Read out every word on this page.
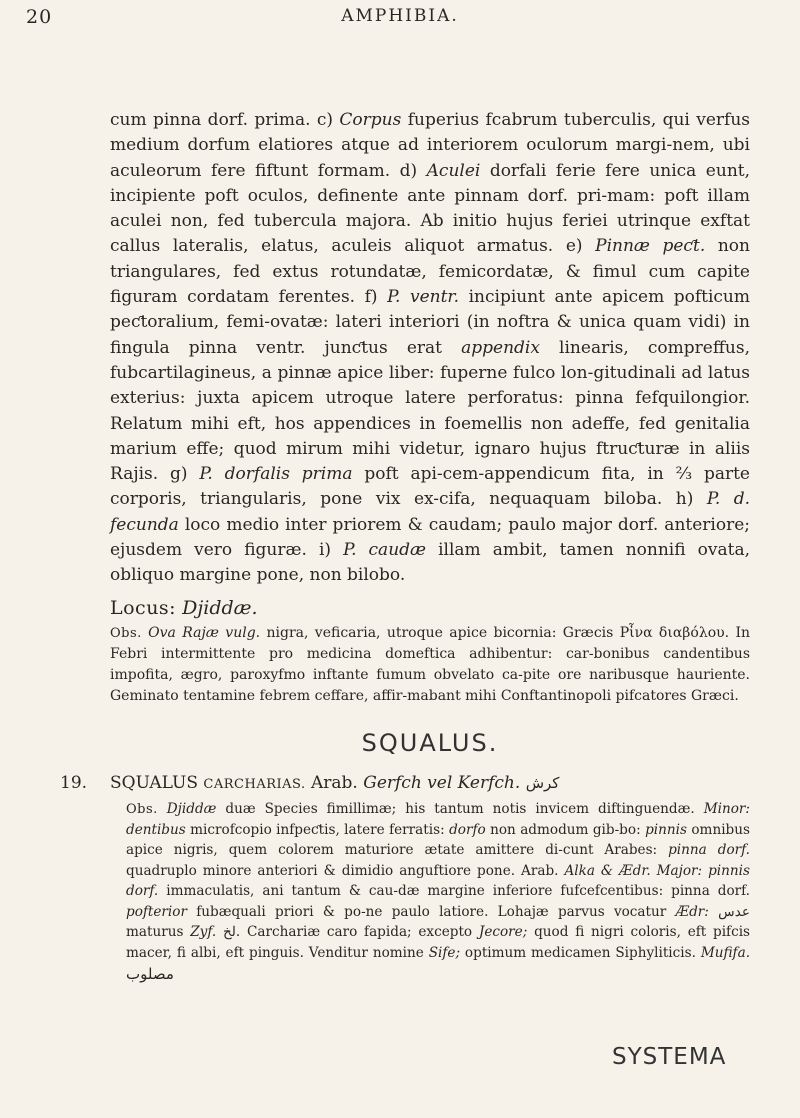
20	AMPHIBIA.

cum pinna dorf. prima. c) Corpus fuperius fcabrum tuberculis, qui verfus medium dorfum elatiores atque ad interiorem oculorum margi-nem, ubi aculeorum fere fiftunt formam. d) Aculei dorfali ferie fere unica eunt, incipiente poft oculos, definente ante pinnam dorf. pri-mam: poft illam aculei non, fed tubercula majora. Ab initio hujus feriei utrinque exftat callus lateralis, elatus, aculeis aliquot armatus. e) Pinnæ peƈt. non triangulares, fed extus rotundatæ, femicordatæ, & fimul cum capite figuram cordatam ferentes. f) P. ventr. incipiunt ante apicem pofticum peƈtoralium, femi-ovatæ: lateri interiori (in noftra & unica quam vidi) in fingula pinna ventr. junƈtus erat appendix linearis, compreffus, fubcartilagineus, a pinnæ apice liber: fuperne fulco lon-gitudinali ad latus exterius: juxta apicem utroque latere perforatus: pinna fefquilongior. Relatum mihi eft, hos appendices in foemellis non adeffe, fed genitalia marium effe; quod mirum mihi videtur, ignaro hujus ftruƈturæ in aliis Rajis. g) P. dorfalis prima poft api-cem-appendicum fita, in ⅔ parte corporis, triangularis, pone vix ex-cifa, nequaquam biloba. h) P. d. fecunda loco medio inter priorem & caudam; paulo major dorf. anteriore; ejusdem vero figuræ. i) P. caudæ illam ambit, tamen nonnifi ovata, obliquo margine pone, non bilobo.

Locus: Djiddæ.

Obs. Ova Rajæ vulg. nigra, veficaria, utroque apice bicornia: Græcis Pἶνα διαβόλου. In Febri intermittente pro medicina domeftica adhibentur: car-bonibus candentibus impofita, ægro, paroxyfmo inftante fumum obvelato ca-pite ore naribusque hauriente. Geminato tentamine febrem ceffare, affir-mabant mihi Conftantinopoli pifcatores Græci.

SQUALUS.

19. SQUALUS CARCHARIAS. Arab. Gerfch vel Kerfch. كرش

Obs. Djiddæ duæ Species fimillimæ; his tantum notis invicem diftinguendæ. Minor: dentibus microfcopio infpeƈtis, latere ferratis: dorfo non admodum gib-bo: pinnis omnibus apice nigris, quem colorem maturiore ætate amittere di-cunt Arabes: pinna dorf. quadruplo minore anteriori & dimidio anguftiore pone. Arab. Alka & Ædr. Major: pinnis dorf. immaculatis, ani tantum & cau-dæ margine inferiore fufcefcentibus: pinna dorf. pofterior fubæquali priori & po-ne paulo latiore. Lohajæ parvus vocatur Ædr: عدس maturus Zyf. لخ. Carchariæ caro fapida; excepto Jecore; quod fi nigri coloris, eft pifcis macer, fi albi, eft pinguis. Venditur nomine Sife; optimum medicamen Siphyliticis. Mufifa. مصلوب

SYSTEMA
